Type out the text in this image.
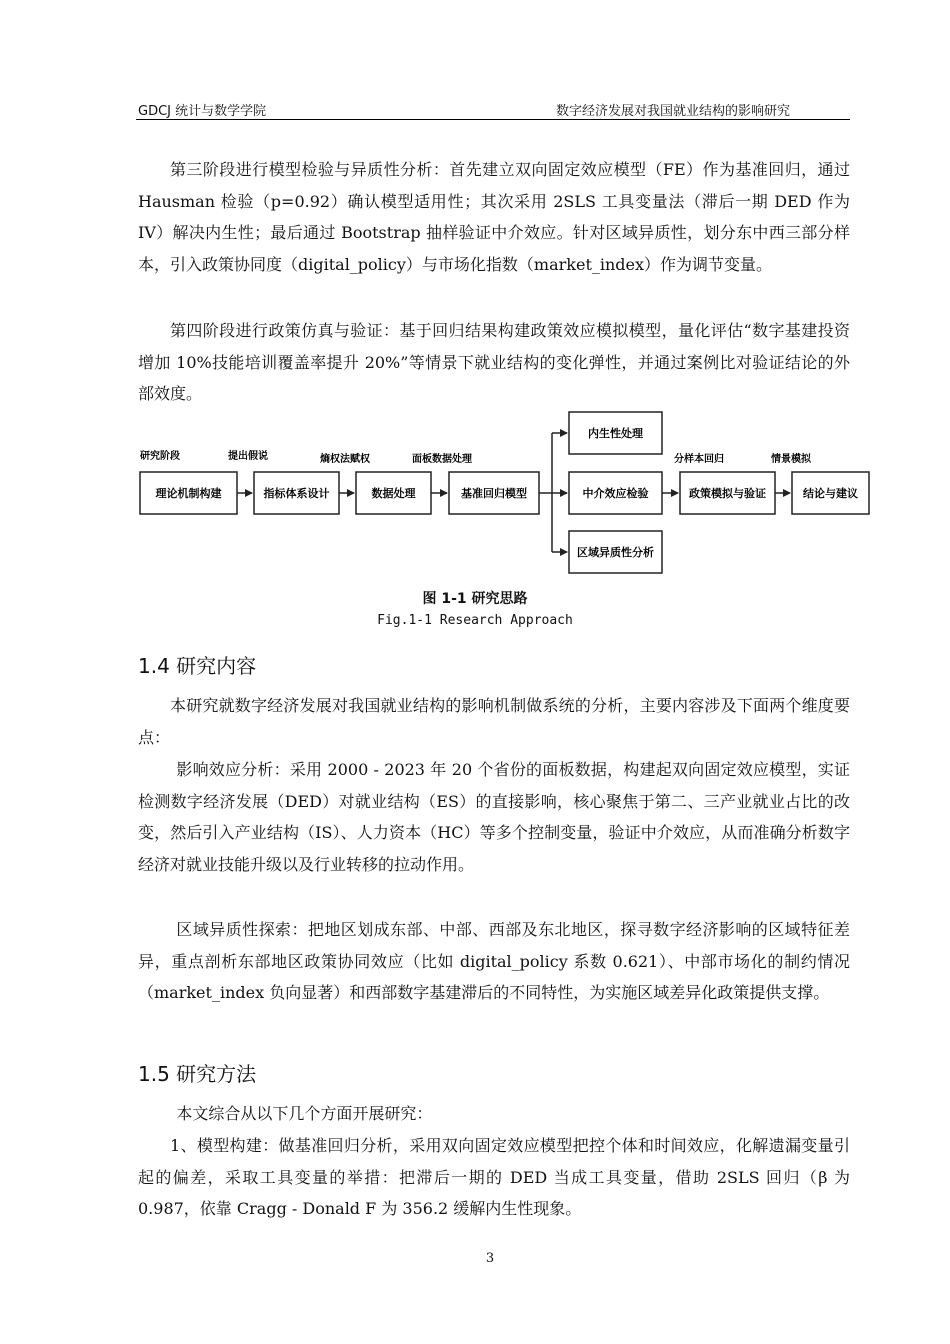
GDCJ 统计与数学学院	数字经济发展对我国就业结构的影响研究

第三阶段进行模型检验与异质性分析：首先建立双向固定效应模型（FE）作为基准回归，通过 Hausman 检验（p=0.92）确认模型适用性；其次采用 2SLS 工具变量法（滞后一期 DED 作为 IV）解决内生性；最后通过 Bootstrap 抽样验证中介效应。针对区域异质性，划分东中西三部分样本，引入政策协同度（digital_policy）与市场化指数（market_index）作为调节变量。

第四阶段进行政策仿真与验证：基于回归结果构建政策效应模拟模型，量化评估“数字基建投资增加 10%技能培训覆盖率提升 20%”等情景下就业结构的变化弹性，并通过案例比对验证结论的外部效度。

研究阶段	提出假说	熵权法赋权	面板数据处理	分样本回归	情景模拟
理论机制构建	指标体系设计	数据处理	基准回归模型
内生性处理
中介效应检验
区域异质性分析
政策模拟与验证	结论与建议
图 1-1 研究思路
Fig.1-1 Research Approach
1.4 研究内容

本研究就数字经济发展对我国就业结构的影响机制做系统的分析，主要内容涉及下面两个维度要点：

影响效应分析：采用 2000 - 2023 年 20 个省份的面板数据，构建起双向固定效应模型，实证检测数字经济发展（DED）对就业结构（ES）的直接影响，核心聚焦于第二、三产业就业占比的改变，然后引入产业结构（IS）、人力资本（HC）等多个控制变量，验证中介效应，从而准确分析数字经济对就业技能升级以及行业转移的拉动作用。

区域异质性探索：把地区划成东部、中部、西部及东北地区，探寻数字经济影响的区域特征差异，重点剖析东部地区政策协同效应（比如 digital_policy 系数 0.621）、中部市场化的制约情况（market_index 负向显著）和西部数字基建滞后的不同特性，为实施区域差异化政策提供支撑。

1.5 研究方法

本文综合从以下几个方面开展研究：

1、模型构建：做基准回归分析，采用双向固定效应模型把控个体和时间效应，化解遗漏变量引起的偏差，采取工具变量的举措：把滞后一期的 DED 当成工具变量，借助 2SLS 回归（β 为 0.987，依靠 Cragg - Donald F 为 356.2 缓解内生性现象。

3
